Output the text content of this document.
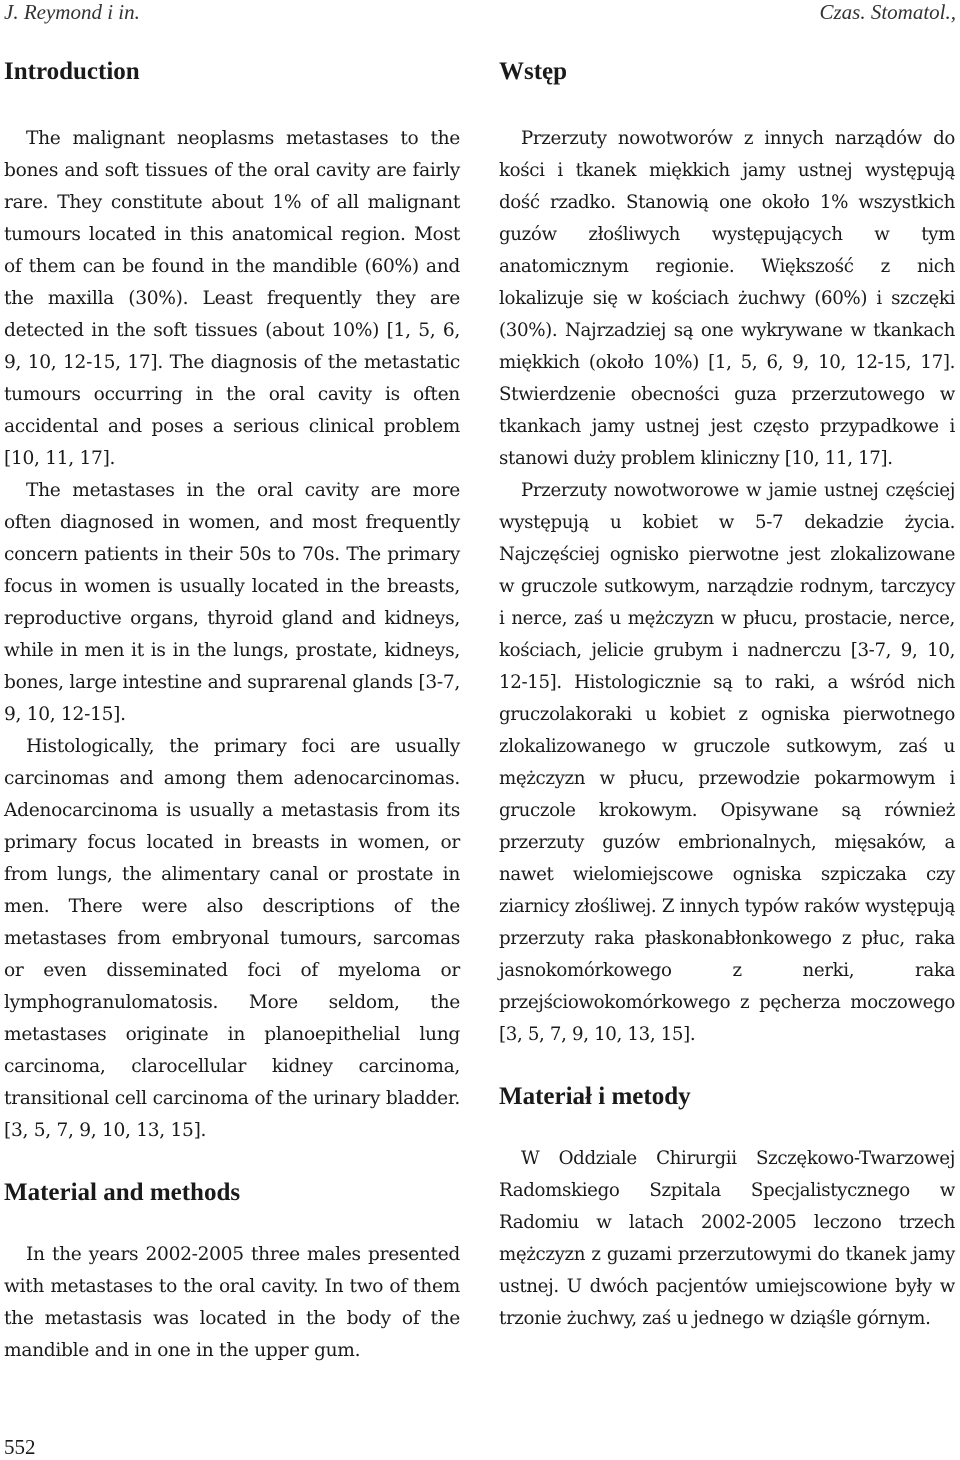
J. Reymond i in.	Czas. Stomatol.,
Introduction

The malignant neoplasms metastases to the bones and soft tissues of the oral cavity are fairly rare. They constitute about 1% of all malignant tumours located in this anatomical region. Most of them can be found in the mandible (60%) and the maxilla (30%). Least frequently they are detected in the soft tissues (about 10%) [1, 5, 6, 9, 10, 12-15, 17]. The diagnosis of the metastatic tumours occurring in the oral cavity is often accidental and poses a serious clinical problem [10, 11, 17].

The metastases in the oral cavity are more often diagnosed in women, and most frequently concern patients in their 50s to 70s. The primary focus in women is usually located in the breasts, reproductive organs, thyroid gland and kidneys, while in men it is in the lungs, prostate, kidneys, bones, large intestine and suprarenal glands [3-7, 9, 10, 12-15].

Histologically, the primary foci are usually carcinomas and among them adenocarcinomas. Adenocarcinoma is usually a metastasis from its primary focus located in breasts in women, or from lungs, the alimentary canal or prostate in men. There were also descriptions of the metastases from embryonal tumours, sarcomas or even disseminated foci of myeloma or lymphogranulomatosis. More seldom, the metastases originate in planoepithelial lung carcinoma, clarocellular kidney carcinoma, transitional cell carcinoma of the urinary bladder. [3, 5, 7, 9, 10, 13, 15].

Material and methods

In the years 2002-2005 three males presented with metastases to the oral cavity. In two of them the metastasis was located in the body of the mandible and in one in the upper gum.

Wstęp

Przerzuty nowotworów z innych narządów do kości i tkanek miękkich jamy ustnej występują dość rzadko. Stanowią one około 1% wszystkich guzów złośliwych występujących w tym anatomicznym regionie. Większość z nich lokalizuje się w kościach żuchwy (60%) i szczęki (30%). Najrzadziej są one wykrywane w tkankach miękkich (około 10%) [1, 5, 6, 9, 10, 12-15, 17]. Stwierdzenie obecności guza przerzutowego w tkankach jamy ustnej jest często przypadkowe i stanowi duży problem kliniczny [10, 11, 17].

Przerzuty nowotworowe w jamie ustnej częściej występują u kobiet w 5-7 dekadzie życia. Najczęściej ognisko pierwotne jest zlokalizowane w gruczole sutkowym, narządzie rodnym, tarczycy i nerce, zaś u mężczyzn w płucu, prostacie, nerce, kościach, jelicie grubym i nadnerczu [3-7, 9, 10, 12-15]. Histologicznie są to raki, a wśród nich gruczolakoraki u kobiet z ogniska pierwotnego zlokalizowanego w gruczole sutkowym, zaś u mężczyzn w płucu, przewodzie pokarmowym i gruczole krokowym. Opisywane są również przerzuty guzów embrionalnych, mięsaków, a nawet wielomiejscowe ogniska szpiczaka czy ziarnicy złośliwej. Z innych typów raków występują przerzuty raka płaskonabłonkowego z płuc, raka jasnokomórkowego z nerki, raka przejściowokomórkowego z pęcherza moczowego [3, 5, 7, 9, 10, 13, 15].

Materiał i metody

W Oddziale Chirurgii Szczękowo-Twarzowej Radomskiego Szpitala Specjalistycznego w Radomiu w latach 2002-2005 leczono trzech mężczyzn z guzami przerzutowymi do tkanek jamy ustnej. U dwóch pacjentów umiejscowione były w trzonie żuchwy, zaś u jednego w dziąśle górnym.

552
